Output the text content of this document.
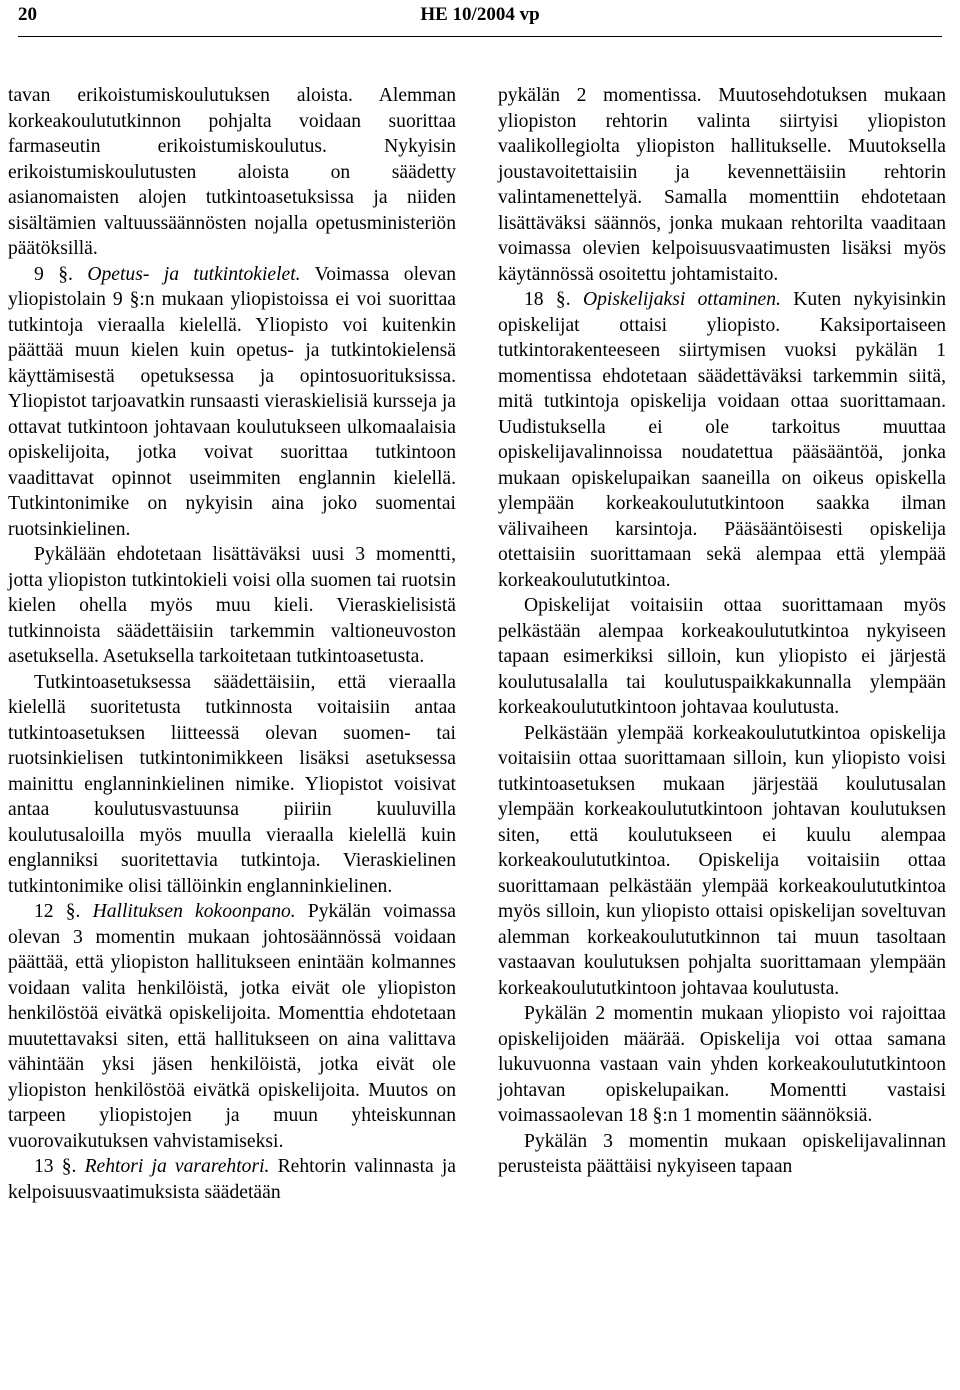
20	HE 10/2004 vp

tavan erikoistumiskoulutuksen aloista. Alemman korkeakoulututkinnon pohjalta voidaan suorittaa farmaseutin erikoistumiskoulutus. Nykyisin erikoistumiskoulutusten aloista on säädetty asianomaisten alojen tutkintoasetuksissa ja niiden sisältämien valtuussäännösten nojalla opetusministeriön päätöksillä.

9 §. Opetus- ja tutkintokielet. Voimassa olevan yliopistolain 9 §:n mukaan yliopistoissa ei voi suorittaa tutkintoja vieraalla kielellä. Yliopisto voi kuitenkin päättää muun kielen kuin opetus- ja tutkintokielensä käyttämisestä opetuksessa ja opintosuorituksissa. Yliopistot tarjoavatkin runsaasti vieraskielisiä kursseja ja ottavat tutkintoon johtavaan koulutukseen ulkomaalaisia opiskelijoita, jotka voivat suorittaa tutkintoon vaadittavat opinnot useimmiten englannin kielellä. Tutkintonimike on nykyisin aina joko suomentai ruotsinkielinen.

Pykälään ehdotetaan lisättäväksi uusi 3 momentti, jotta yliopiston tutkintokieli voisi olla suomen tai ruotsin kielen ohella myös muu kieli. Vieraskielisistä tutkinnoista säädettäisiin tarkemmin valtioneuvoston asetuksella. Asetuksella tarkoitetaan tutkintoasetusta.

Tutkintoasetuksessa säädettäisiin, että vieraalla kielellä suoritetusta tutkinnosta voitaisiin antaa tutkintoasetuksen liitteessä olevan suomen- tai ruotsinkielisen tutkintonimikkeen lisäksi asetuksessa mainittu englanninkielinen nimike. Yliopistot voisivat antaa koulutusvastuunsa piiriin kuuluvilla koulutusaloilla myös muulla vieraalla kielellä kuin englanniksi suoritettavia tutkintoja. Vieraskielinen tutkintonimike olisi tällöinkin englanninkielinen.

12 §. Hallituksen kokoonpano. Pykälän voimassa olevan 3 momentin mukaan johtosäännössä voidaan päättää, että yliopiston hallitukseen enintään kolmannes voidaan valita henkilöistä, jotka eivät ole yliopiston henkilöstöä eivätkä opiskelijoita. Momenttia ehdotetaan muutettavaksi siten, että hallitukseen on aina valittava vähintään yksi jäsen henkilöistä, jotka eivät ole yliopiston henkilöstöä eivätkä opiskelijoita. Muutos on tarpeen yliopistojen ja muun yhteiskunnan vuorovaikutuksen vahvistamiseksi.

13 §. Rehtori ja vararehtori. Rehtorin valinnasta ja kelpoisuusvaatimuksista säädetään

pykälän 2 momentissa. Muutosehdotuksen mukaan yliopiston rehtorin valinta siirtyisi yliopiston vaalikollegiolta yliopiston hallitukselle. Muutoksella joustavoitettaisiin ja kevennettäisiin rehtorin valintamenettelyä. Samalla momenttiin ehdotetaan lisättäväksi säännös, jonka mukaan rehtorilta vaaditaan voimassa olevien kelpoisuusvaatimusten lisäksi myös käytännössä osoitettu johtamistaito.

18 §. Opiskelijaksi ottaminen. Kuten nykyisinkin opiskelijat ottaisi yliopisto. Kaksiportaiseen tutkintorakenteeseen siirtymisen vuoksi pykälän 1 momentissa ehdotetaan säädettäväksi tarkemmin siitä, mitä tutkintoja opiskelija voidaan ottaa suorittamaan. Uudistuksella ei ole tarkoitus muuttaa opiskelijavalinnoissa noudatettua pääsääntöä, jonka mukaan opiskelupaikan saaneilla on oikeus opiskella ylempään korkeakoulututkintoon saakka ilman välivaiheen karsintoja. Pääsääntöisesti opiskelija otettaisiin suorittamaan sekä alempaa että ylempää korkeakoulututkintoa.

Opiskelijat voitaisiin ottaa suorittamaan myös pelkästään alempaa korkeakoulututkintoa nykyiseen tapaan esimerkiksi silloin, kun yliopisto ei järjestä koulutusalalla tai koulutuspaikkakunnalla ylempään korkeakoulututkintoon johtavaa koulutusta.

Pelkästään ylempää korkeakoulututkintoa opiskelija voitaisiin ottaa suorittamaan silloin, kun yliopisto voisi tutkintoasetuksen mukaan järjestää koulutusalan ylempään korkeakoulututkintoon johtavan koulutuksen siten, että koulutukseen ei kuulu alempaa korkeakoulututkintoa. Opiskelija voitaisiin ottaa suorittamaan pelkästään ylempää korkeakoulututkintoa myös silloin, kun yliopisto ottaisi opiskelijan soveltuvan alemman korkeakoulututkinnon tai muun tasoltaan vastaavan koulutuksen pohjalta suorittamaan ylempään korkeakoulututkintoon johtavaa koulutusta.

Pykälän 2 momentin mukaan yliopisto voi rajoittaa opiskelijoiden määrää. Opiskelija voi ottaa samana lukuvuonna vastaan vain yhden korkeakoulututkintoon johtavan opiskelupaikan. Momentti vastaisi voimassaolevan 18 §:n 1 momentin säännöksiä.

Pykälän 3 momentin mukaan opiskelijavalinnan perusteista päättäisi nykyiseen tapaan
